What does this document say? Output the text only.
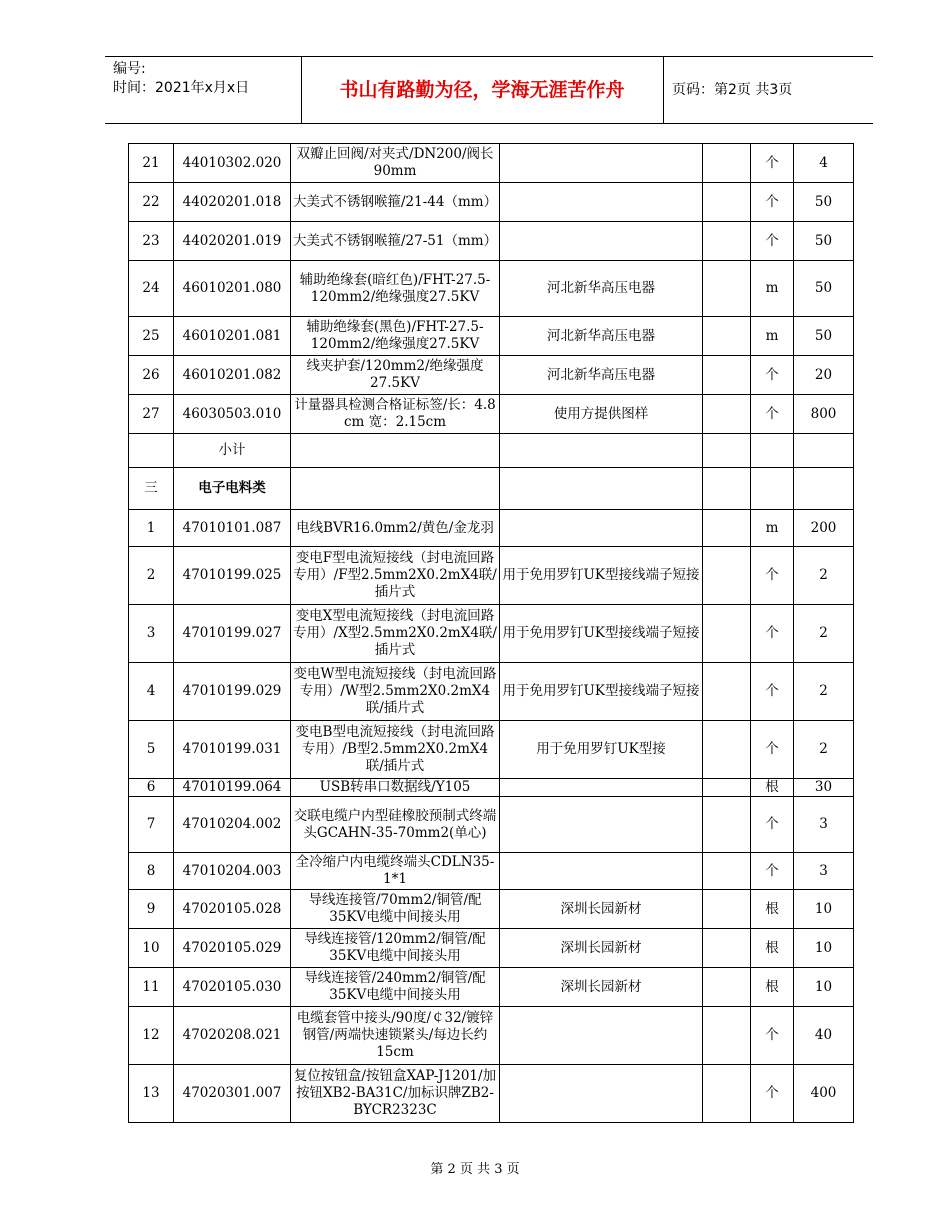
编号:
时间：2021年x月x日	书山有路勤为径，学海无涯苦作舟	页码：第2页 共3页
21	44010302.020	双瓣止回阀/对夹式/DN200/阀长90mm			个	4
22	44020201.018	大美式不锈钢喉箍/21-44（mm）			个	50
23	44020201.019	大美式不锈钢喉箍/27-51（mm）			个	50
24	46010201.080	辅助绝缘套(暗红色)/FHT-27.5-120mm2/绝缘强度27.5KV	河北新华高压电器		m	50
25	46010201.081	辅助绝缘套(黑色)/FHT-27.5-120mm2/绝缘强度27.5KV	河北新华高压电器		m	50
26	46010201.082	线夹护套/120mm2/绝缘强度27.5KV	河北新华高压电器		个	20
27	46030503.010	计量器具检测合格证标签/长：4.8 cm 宽：2.15cm	使用方提供图样		个	800
	小计					
三	电子电料类					
1	47010101.087	电线BVR16.0mm2/黄色/金龙羽			m	200
2	47010199.025	变电F型电流短接线（封电流回路专用）/F型2.5mm2X0.2mX4联/插片式	用于免用罗钉UK型接线端子短接		个	2
3	47010199.027	变电X型电流短接线（封电流回路专用）/X型2.5mm2X0.2mX4联/插片式	用于免用罗钉UK型接线端子短接		个	2
4	47010199.029	变电W型电流短接线（封电流回路专用）/W型2.5mm2X0.2mX4联/插片式	用于免用罗钉UK型接线端子短接		个	2
5	47010199.031	变电B型电流短接线（封电流回路专用）/B型2.5mm2X0.2mX4联/插片式	用于免用罗钉UK型接		个	2
6	47010199.064	USB转串口数据线/Y105			根	30
7	47010204.002	交联电缆户内型硅橡胶预制式终端头GCAHN-35-70mm2(单心)			个	3
8	47010204.003	全冷缩户内电缆终端头CDLN35-1*1			个	3
9	47020105.028	导线连接管/70mm2/铜管/配35KV电缆中间接头用	深圳长园新材		根	10
10	47020105.029	导线连接管/120mm2/铜管/配35KV电缆中间接头用	深圳长园新材		根	10
11	47020105.030	导线连接管/240mm2/铜管/配35KV电缆中间接头用	深圳长园新材		根	10
12	47020208.021	电缆套管中接头/90度/￠32/镀锌钢管/两端快速锁紧头/每边长约15cm			个	40
13	47020301.007	复位按钮盒/按钮盒XAP-J1201/加按钮XB2-BA31C/加标识牌ZB2-BYCR2323C			个	400
第 2 页 共 3 页
